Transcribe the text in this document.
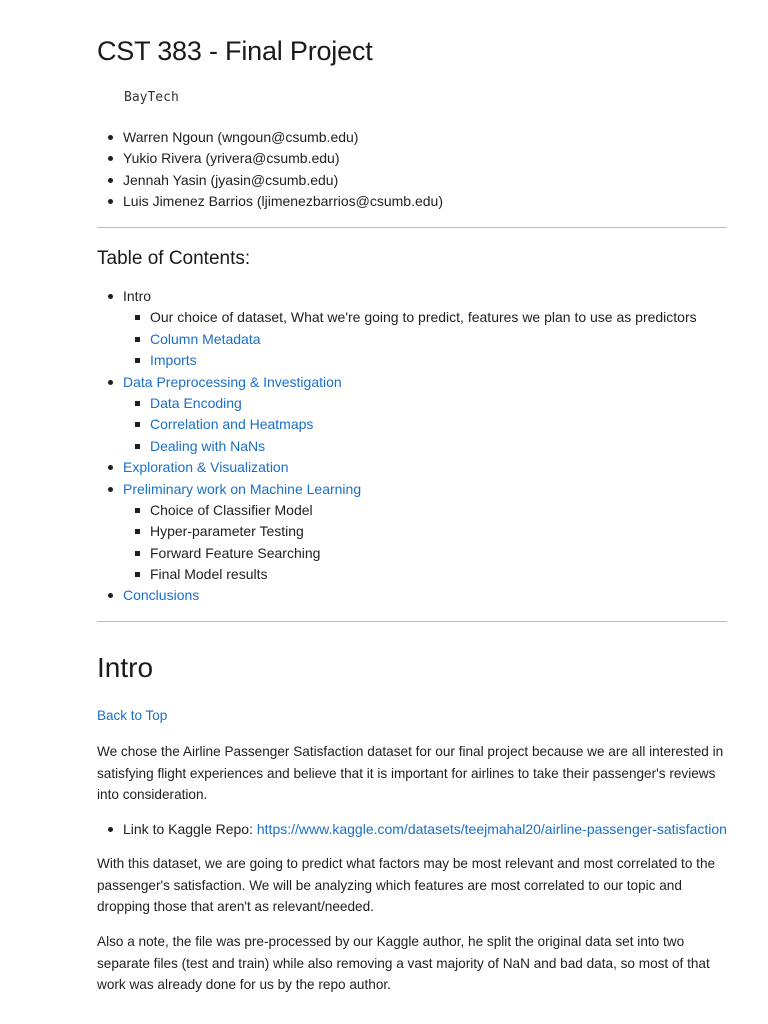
CST 383 - Final Project
BayTech
Warren Ngoun (wngoun@csumb.edu)
Yukio Rivera (yrivera@csumb.edu)
Jennah Yasin (jyasin@csumb.edu)
Luis Jimenez Barrios (ljimenezbarrios@csumb.edu)
Table of Contents:
Intro
Our choice of dataset, What we're going to predict, features we plan to use as predictors
Column Metadata
Imports
Data Preprocessing & Investigation
Data Encoding
Correlation and Heatmaps
Dealing with NaNs
Exploration & Visualization
Preliminary work on Machine Learning
Choice of Classifier Model
Hyper-parameter Testing
Forward Feature Searching
Final Model results
Conclusions
Intro
Back to Top

We chose the Airline Passenger Satisfaction dataset for our final project because we are all interested in satisfying flight experiences and believe that it is important for airlines to take their passenger's reviews into consideration.

Link to Kaggle Repo: https://www.kaggle.com/datasets/teejmahal20/airline-passenger-satisfaction

With this dataset, we are going to predict what factors may be most relevant and most correlated to the passenger's satisfaction. We will be analyzing which features are most correlated to our topic and dropping those that aren't as relevant/needed.

Also a note, the file was pre-processed by our Kaggle author, he split the original data set into two separate files (test and train) while also removing a vast majority of NaN and bad data, so most of that work was already done for us by the repo author.
